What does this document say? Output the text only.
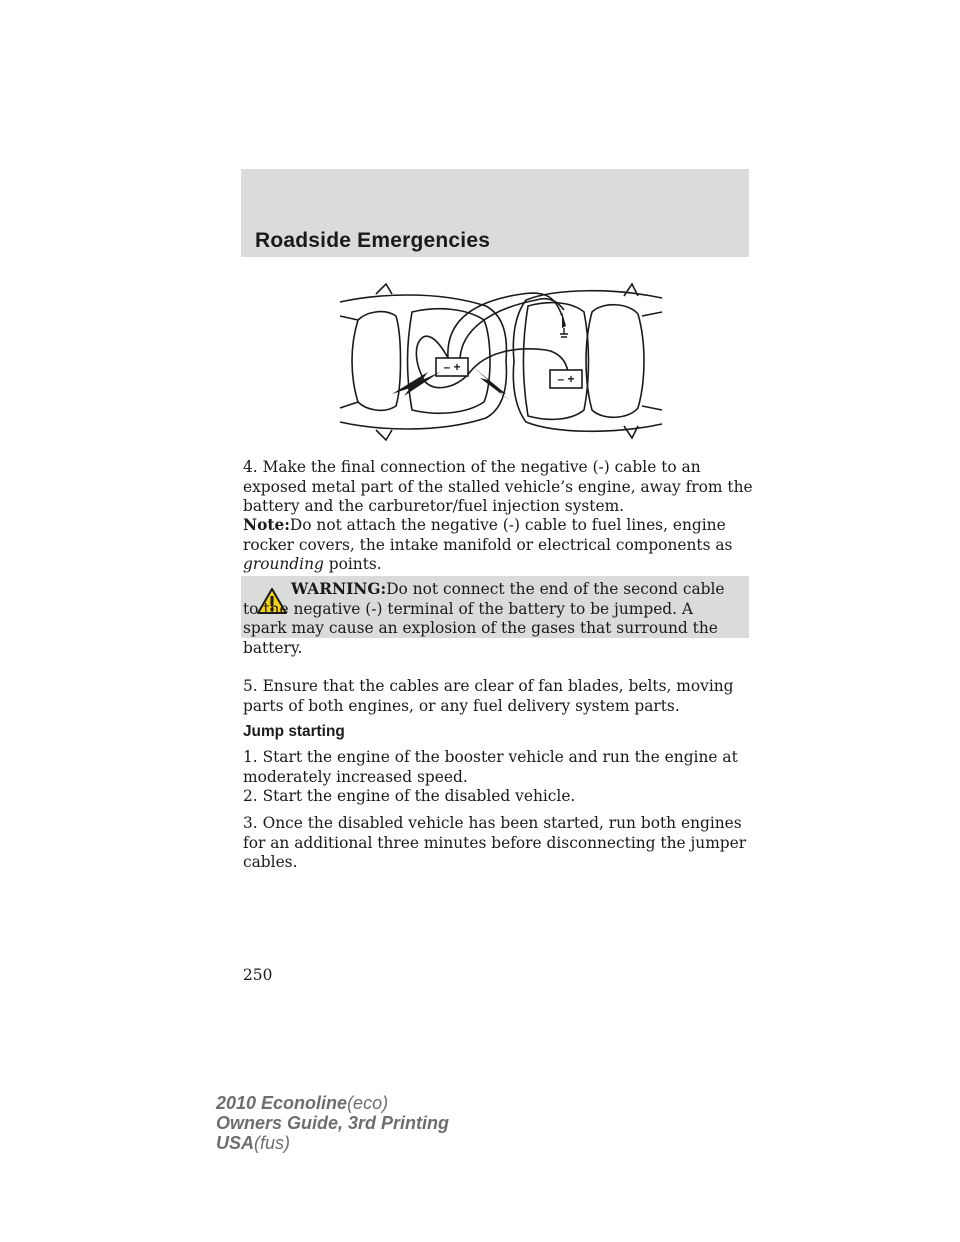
Roadside Emergencies
– +
– +

4. Make the final connection of the negative (-) cable to an exposed metal part of the stalled vehicle’s engine, away from the battery and the carburetor/fuel injection system.

Note:Do not attach the negative (-) cable to fuel lines, engine rocker covers, the intake manifold or electrical components as grounding points.

WARNING:Do not connect the end of the second cable to the negative (-) terminal of the battery to be jumped. A spark may cause an explosion of the gases that surround the battery.

5. Ensure that the cables are clear of fan blades, belts, moving parts of both engines, or any fuel delivery system parts.

Jump starting

1. Start the engine of the booster vehicle and run the engine at moderately increased speed.

2. Start the engine of the disabled vehicle.

3. Once the disabled vehicle has been started, run both engines for an additional three minutes before disconnecting the jumper cables.

250
2010 Econoline(eco)
Owners Guide, 3rd Printing
USA(fus)
